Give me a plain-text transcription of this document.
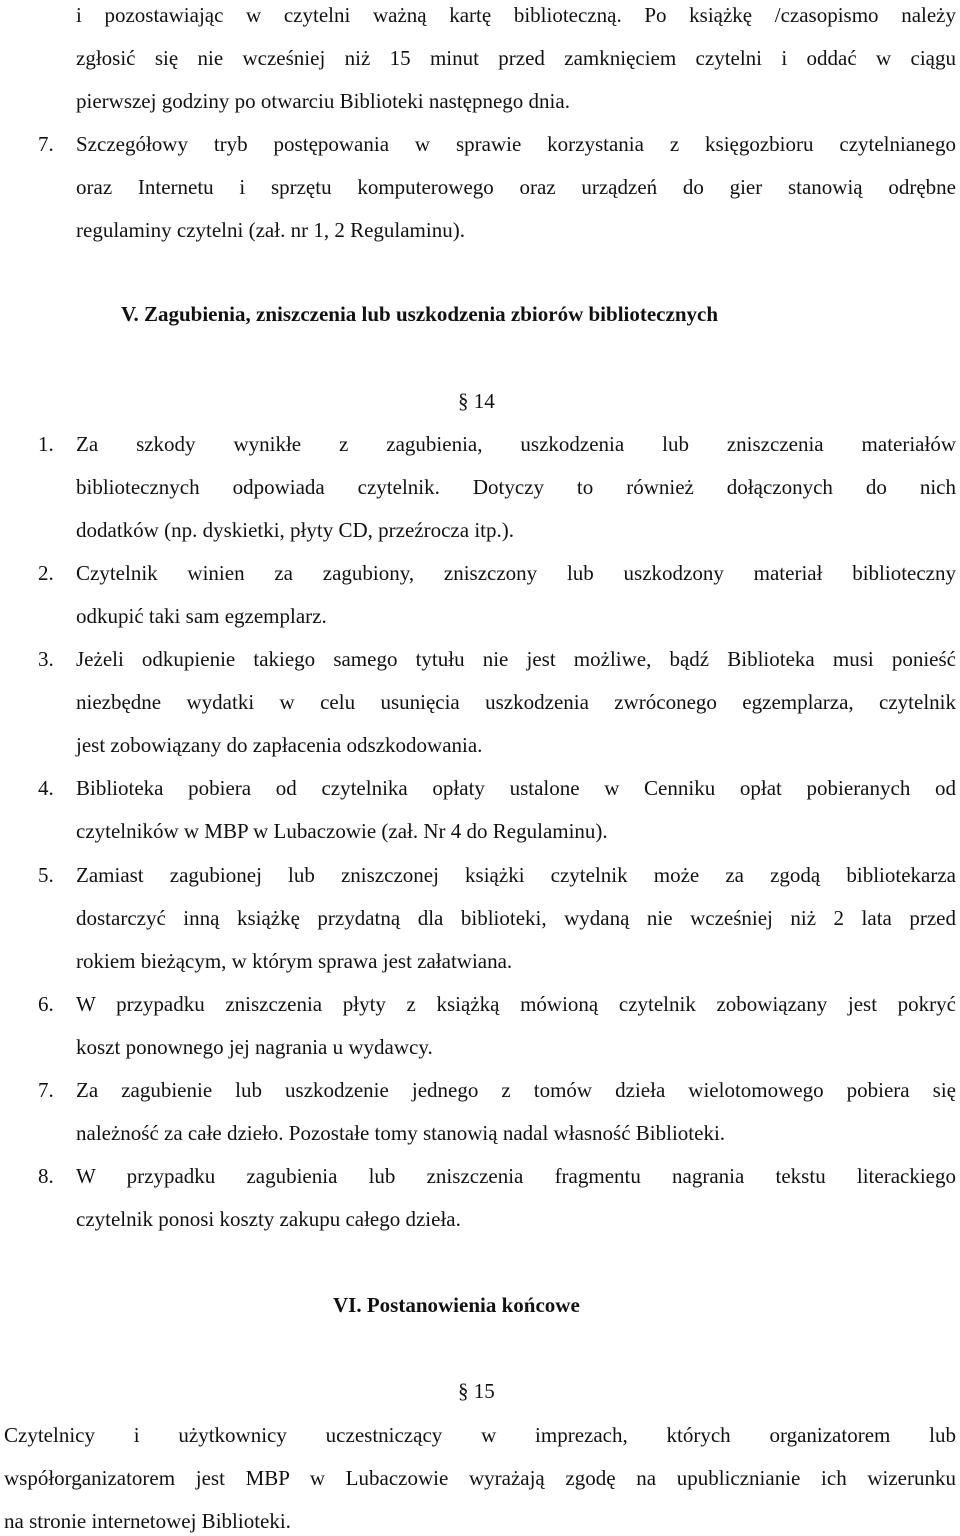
i pozostawiając w czytelni ważną kartę biblioteczną. Po książkę /czasopismo należy
zgłosić się nie wcześniej niż 15 minut przed zamknięciem czytelni i oddać w ciągu
pierwszej godziny po otwarciu Biblioteki następnego dnia.
7. Szczegółowy tryb postępowania w sprawie korzystania z księgozbioru czytelnianego
oraz Internetu i sprzętu komputerowego oraz urządzeń do gier stanowią odrębne
regulaminy czytelni (zał. nr 1, 2 Regulaminu).
V. Zagubienia, zniszczenia lub uszkodzenia zbiorów bibliotecznych
§ 14
1. Za szkody wynikłe z zagubienia, uszkodzenia lub zniszczenia materiałów
bibliotecznych odpowiada czytelnik. Dotyczy to również dołączonych do nich
dodatków (np. dyskietki, płyty CD, przeźrocza itp.).
2. Czytelnik winien za zagubiony, zniszczony lub uszkodzony materiał biblioteczny
odkupić taki sam egzemplarz.
3. Jeżeli odkupienie takiego samego tytułu nie jest możliwe, bądź Biblioteka musi ponieść
niezbędne wydatki w celu usunięcia uszkodzenia zwróconego egzemplarza, czytelnik
jest zobowiązany do zapłacenia odszkodowania.
4. Biblioteka pobiera od czytelnika opłaty ustalone w Cenniku opłat pobieranych od
czytelników w MBP w Lubaczowie (zał. Nr 4 do Regulaminu).
5. Zamiast zagubionej lub zniszczonej książki czytelnik może za zgodą bibliotekarza
dostarczyć inną książkę przydatną dla biblioteki, wydaną nie wcześniej niż 2 lata przed
rokiem bieżącym, w którym sprawa jest załatwiana.
6. W przypadku zniszczenia płyty z książką mówioną czytelnik zobowiązany jest pokryć
koszt ponownego jej nagrania u wydawcy.
7. Za zagubienie lub uszkodzenie jednego z tomów dzieła wielotomowego pobiera się
należność za całe dzieło. Pozostałe tomy stanowią nadal własność Biblioteki.
8. W przypadku zagubienia lub zniszczenia fragmentu nagrania tekstu literackiego
czytelnik ponosi koszty zakupu całego dzieła.
VI. Postanowienia końcowe
§ 15
Czytelnicy i użytkownicy uczestniczący w imprezach, których organizatorem lub
współorganizatorem jest MBP w Lubaczowie wyrażają zgodę na upublicznianie ich wizerunku
na stronie internetowej Biblioteki.
